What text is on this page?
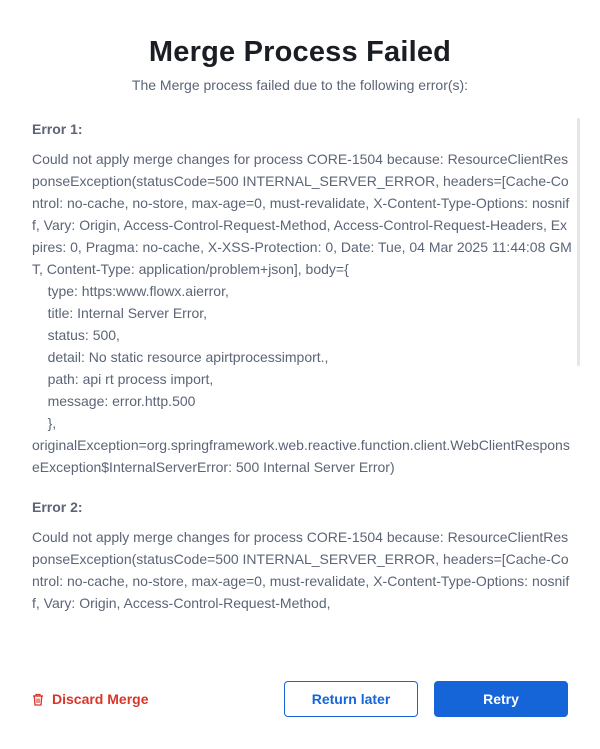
Merge Process Failed
The Merge process failed due to the following error(s):
Error 1:
Could not apply merge changes for process CORE-1504 because: ResourceClientResponseException(statusCode=500 INTERNAL_SERVER_ERROR, headers=[Cache-Control: no-cache, no-store, max-age=0, must-revalidate, X-Content-Type-Options: nosniff, Vary: Origin, Access-Control-Request-Method, Access-Control-Request-Headers, Expires: 0, Pragma: no-cache, X-XSS-Protection: 0, Date: Tue, 04 Mar 2025 11:44:08 GMT, Content-Type: application/problem+json], body={
type: https:www.flowx.aierror,
title: Internal Server Error,
status: 500,
detail: No static resource apirtprocessimport.,
path: api rt process import,
message: error.http.500
},
originalException=org.springframework.web.reactive.function.client.WebClientResponseException$InternalServerError: 500 Internal Server Error)
Error 2:
Could not apply merge changes for process CORE-1504 because: ResourceClientResponseException(statusCode=500 INTERNAL_SERVER_ERROR, headers=[Cache-Control: no-cache, no-store, max-age=0, must-revalidate, X-Content-Type-Options: nosniff, Vary: Origin, Access-Control-Request-Method,
Discard Merge	Return later	Retry
